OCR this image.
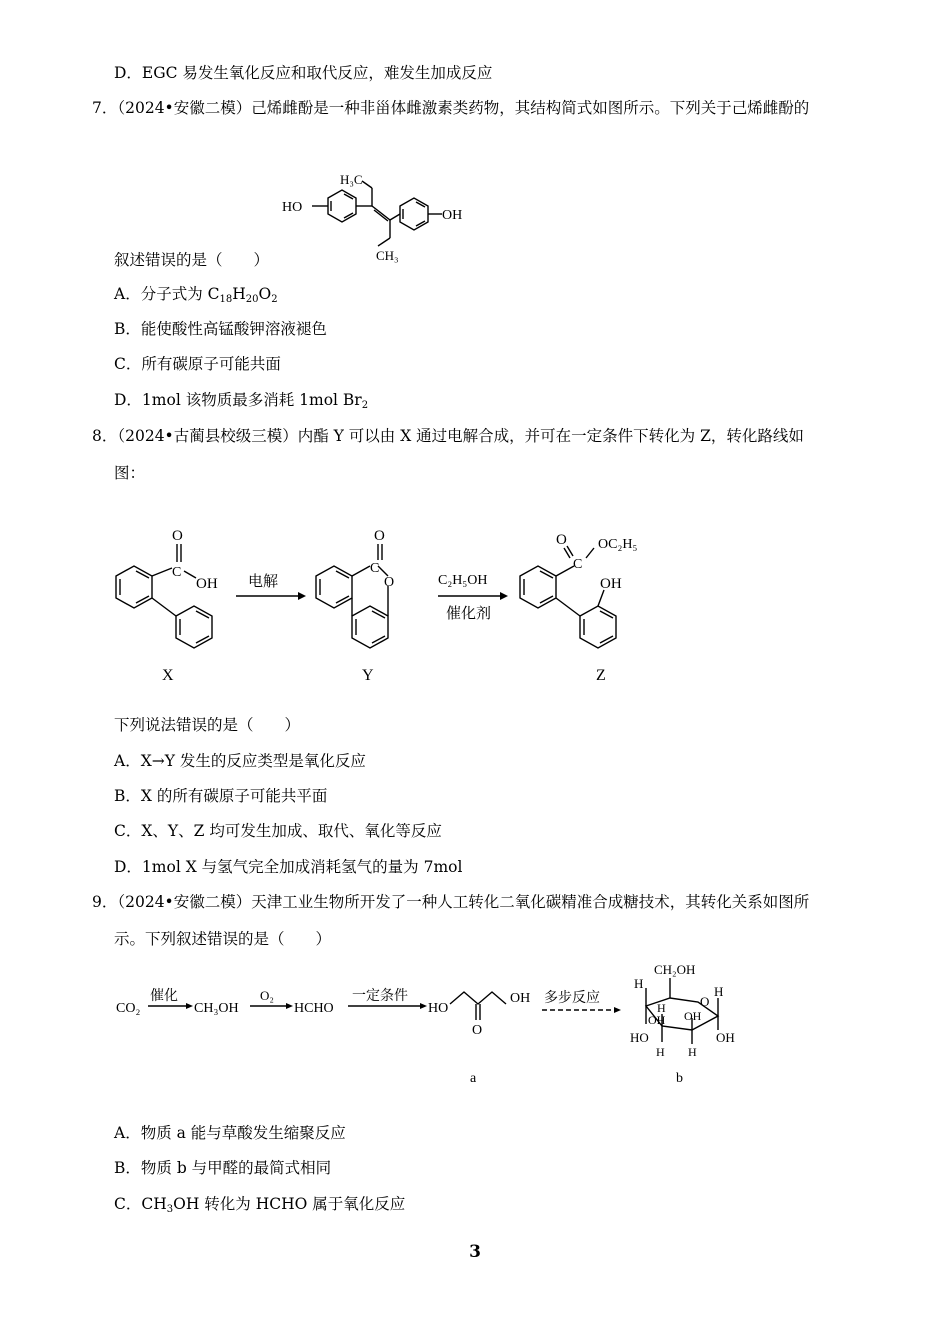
D．EGC 易发生氧化反应和取代反应，难发生加成反应
7．（2024•安徽二模）己烯雌酚是一种非甾体雌激素类药物，其结构简式如图所示。下列关于己烯雌酚的
HO
OH
H₃C
CH₃
叙述错误的是（　　）
A．分子式为 $C_{18}H_{20}O_2$
B．能使酸性高锰酸钾溶液褪色
C．所有碳原子可能共面
D．1mol 该物质最多消耗 1mol $Br_2$
8．（2024•古蔺县校级三模）内酯 Y 可以由 X 通过电解合成，并可在一定条件下转化为 Z，转化路线如
图：
O
C
OH 电解
O
C
O	C₂H₅OH
催化剂
O OC₂H₅
C
OH
X	Y	Z
下列说法错误的是（　　）
A．X→Y 发生的反应类型是氧化反应
B．X 的所有碳原子可能共平面
C．X、Y、Z 均可发生加成、取代、氧化等反应
D．1mol X 与氢气完全加成消耗氢气的量为 7mol
9．（2024•安徽二模）天津工业生物所开发了一种人工转化二氧化碳精准合成糖技术，其转化关系如图所
示。下列叙述错误的是（　　）
CO₂
催化
CH₃OH
O₂
HCHO
一定条件
HO
O
OH 多步反应
CH₂OH
O
H
HO
H
H
OH OH
H
H
OH
a	b
A．物质 a 能与草酸发生缩聚反应
B．物质 b 与甲醛的最简式相同
C．$CH_3OH$ 转化为 HCHO 属于氧化反应
3
